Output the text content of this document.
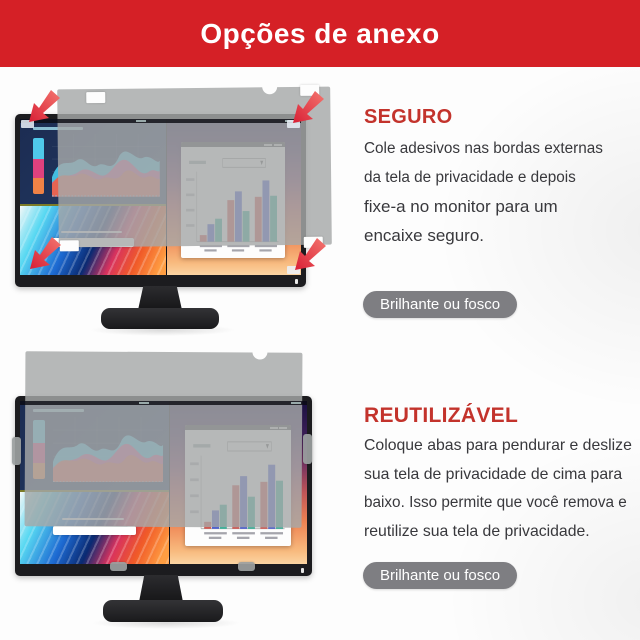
Opções de anexo
SEGURO
Cole adesivos nas bordas externas
da tela de privacidade e depois
fixe-a no monitor para um
encaixe seguro.
Brilhante ou fosco
REUTILIZÁVEL
Coloque abas para pendurar e deslize
sua tela de privacidade de cima para
baixo. Isso permite que você remova e
reutilize sua tela de privacidade.
Brilhante ou fosco
